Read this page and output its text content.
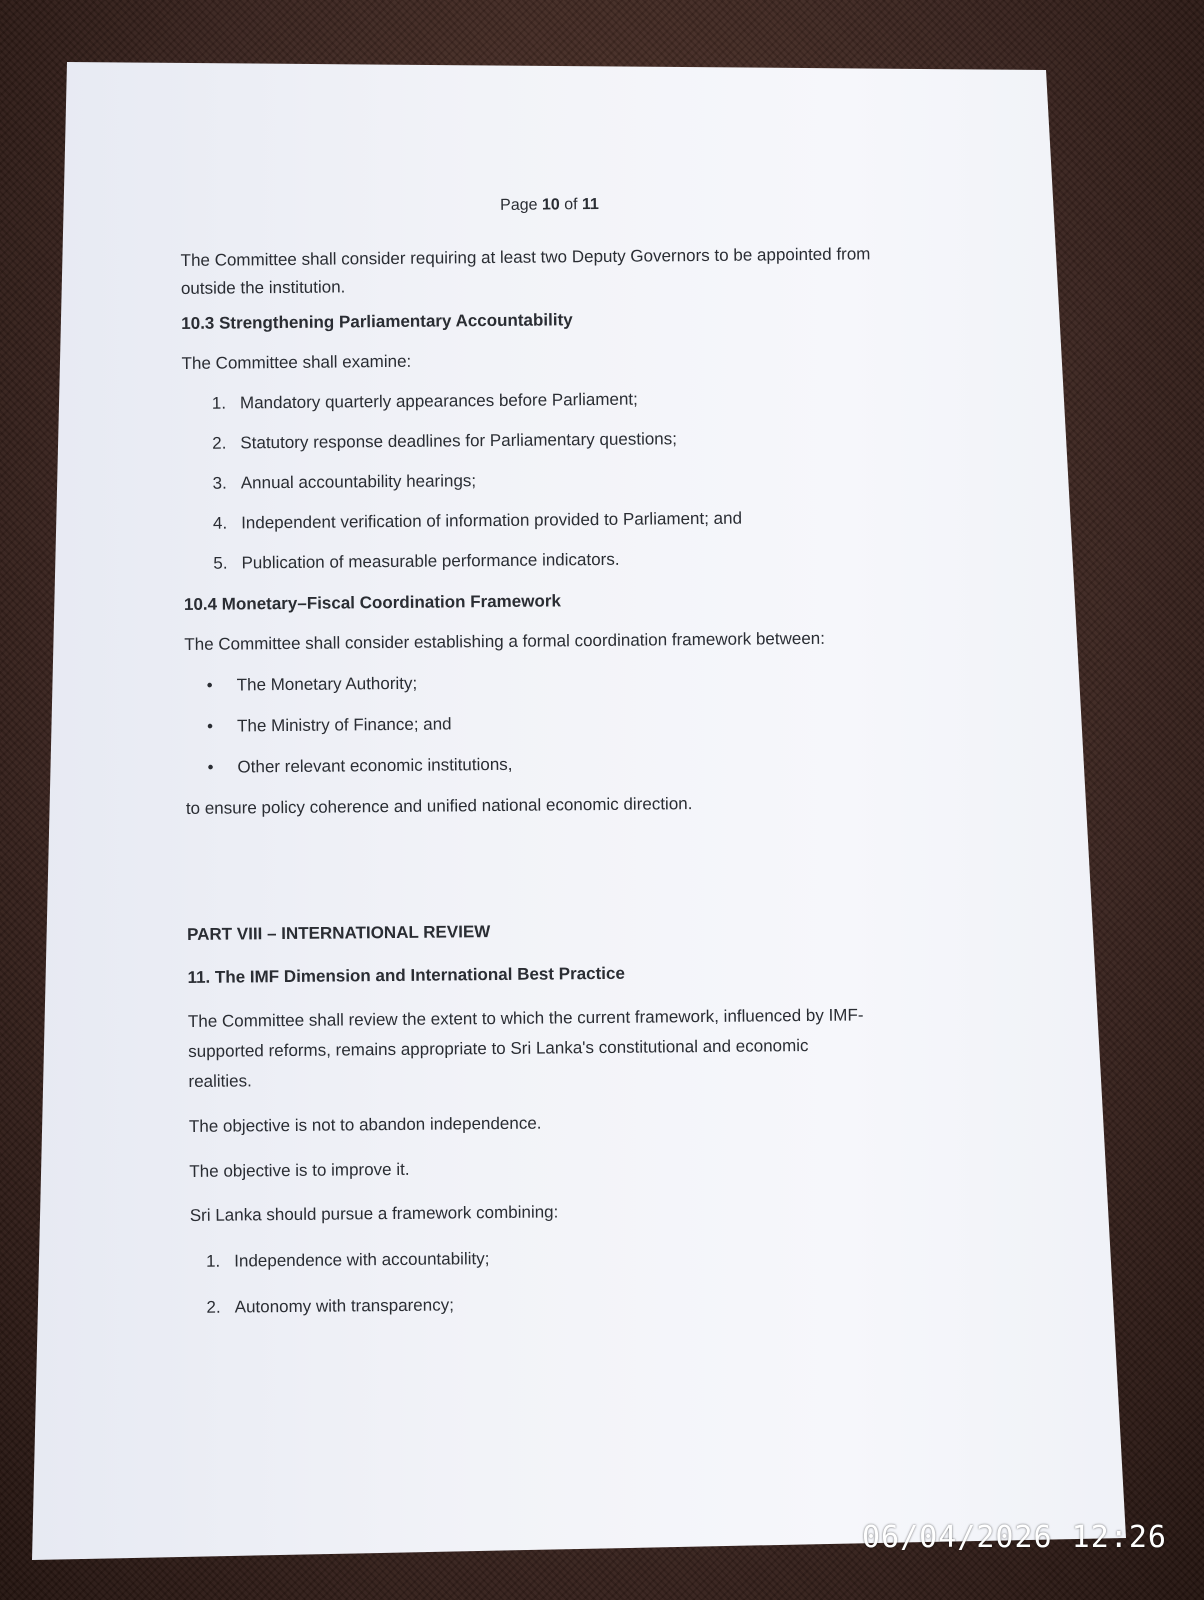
Page 10 of 11

The Committee shall consider requiring at least two Deputy Governors to be appointed from outside the institution.

10.3 Strengthening Parliamentary Accountability
The Committee shall examine:
1. Mandatory quarterly appearances before Parliament;
2. Statutory response deadlines for Parliamentary questions;
3. Annual accountability hearings;
4. Independent verification of information provided to Parliament; and
5. Publication of measurable performance indicators.
10.4 Monetary–Fiscal Coordination Framework
The Committee shall consider establishing a formal coordination framework between:
•	The Monetary Authority;
•	The Ministry of Finance; and
•	Other relevant economic institutions,
to ensure policy coherence and unified national economic direction.
PART VIII – INTERNATIONAL REVIEW
11. The IMF Dimension and International Best Practice
The Committee shall review the extent to which the current framework, influenced by IMF-
supported reforms, remains appropriate to Sri Lanka's constitutional and economic
realities.
The objective is not to abandon independence.
The objective is to improve it.
Sri Lanka should pursue a framework combining:
1. Independence with accountability;
2. Autonomy with transparency;
06/04/2026 12:26
